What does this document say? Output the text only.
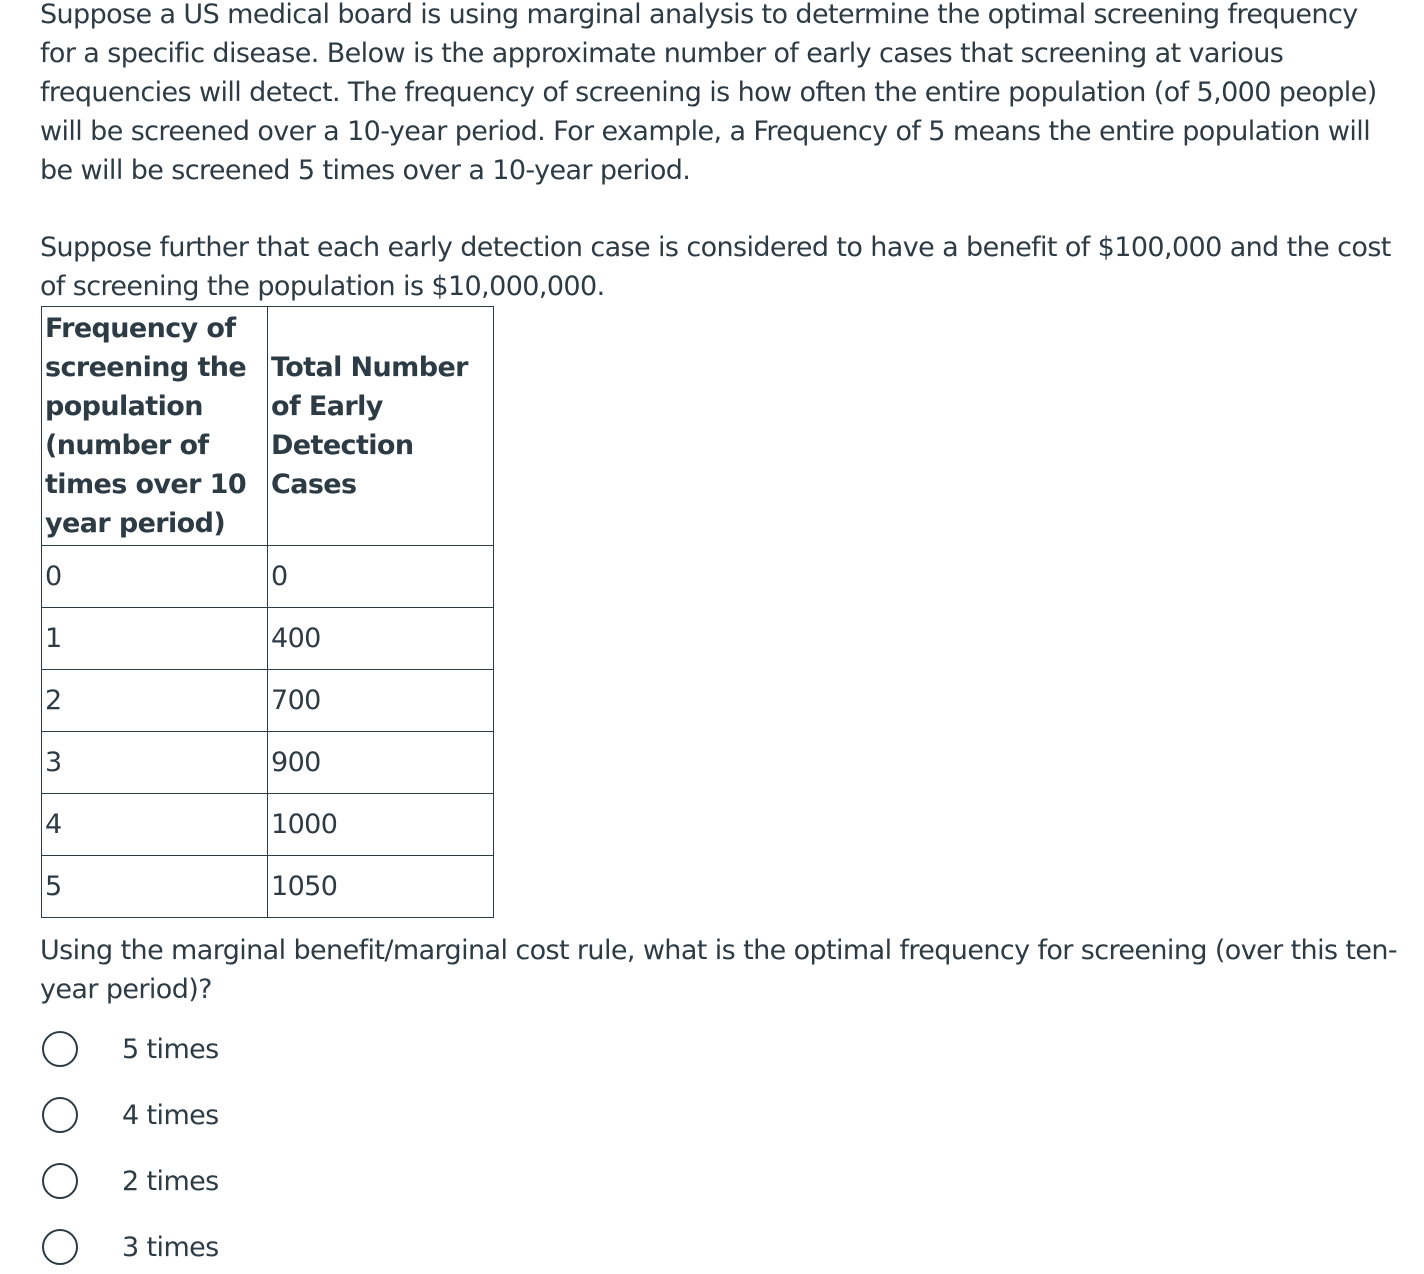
Suppose a US medical board is using marginal analysis to determine the optimal screening frequency for a specific disease. Below is the approximate number of early cases that screening at various frequencies will detect. The frequency of screening is how often the entire population (of 5,000 people) will be screened over a 10-year period. For example, a Frequency of 5 means the entire population will be will be screened 5 times over a 10-year period.

Suppose further that each early detection case is considered to have a benefit of $100,000 and the cost of screening the population is $10,000,000.

Frequency of screening the population (number of times over 10 year period)	Total Number of Early Detection Cases
0	0
1	400
2	700
3	900
4	1000
5	1050

Using the marginal benefit/marginal cost rule, what is the optimal frequency for screening (over this ten-year period)?

5 times
4 times
2 times
3 times
